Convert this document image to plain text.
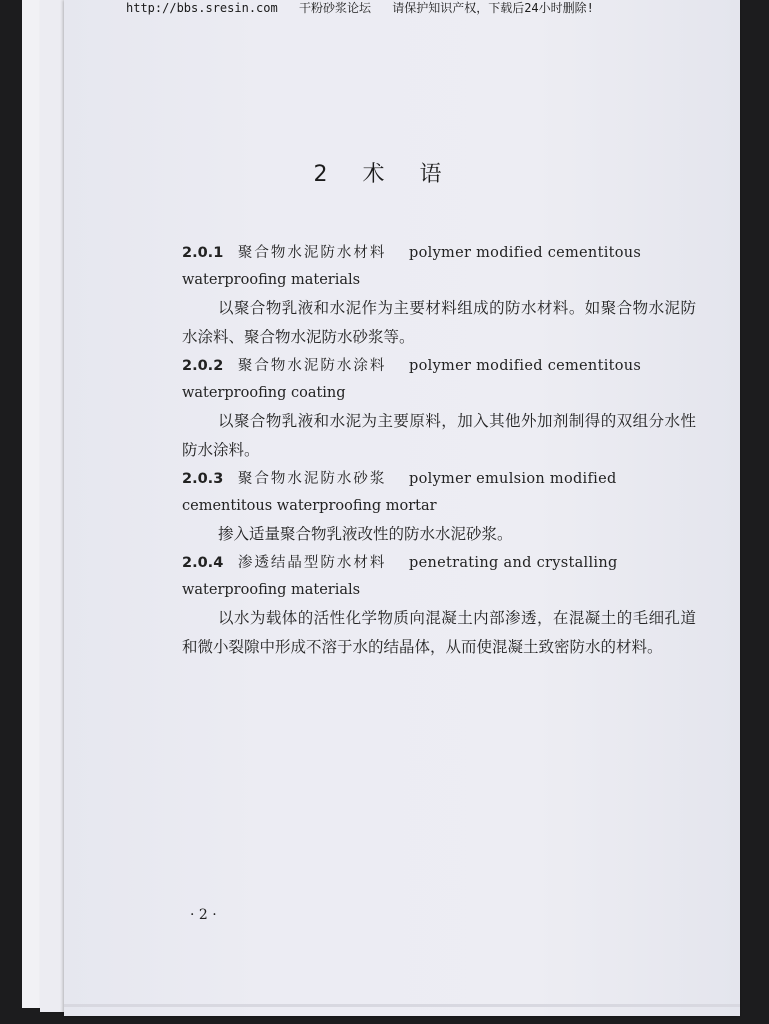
http://bbs.sresin.com 干粉砂浆论坛 请保护知识产权，下载后24小时删除!
2 术 语
2.0.1 聚合物水泥防水材料 polymer modified cementitous
waterproofing materials
以聚合物乳液和水泥作为主要材料组成的防水材料。如聚合物水泥防水涂料、聚合物水泥防水砂浆等。
2.0.2 聚合物水泥防水涂料 polymer modified cementitous
waterproofing coating
以聚合物乳液和水泥为主要原料，加入其他外加剂制得的双组分水性防水涂料。
2.0.3 聚合物水泥防水砂浆 polymer emulsion modified
cementitous waterproofing mortar
掺入适量聚合物乳液改性的防水水泥砂浆。
2.0.4 渗透结晶型防水材料 penetrating and crystalling
waterproofing materials
以水为载体的活性化学物质向混凝土内部渗透，在混凝土的毛细孔道和微小裂隙中形成不溶于水的结晶体，从而使混凝土致密防水的材料。
· 2 ·
